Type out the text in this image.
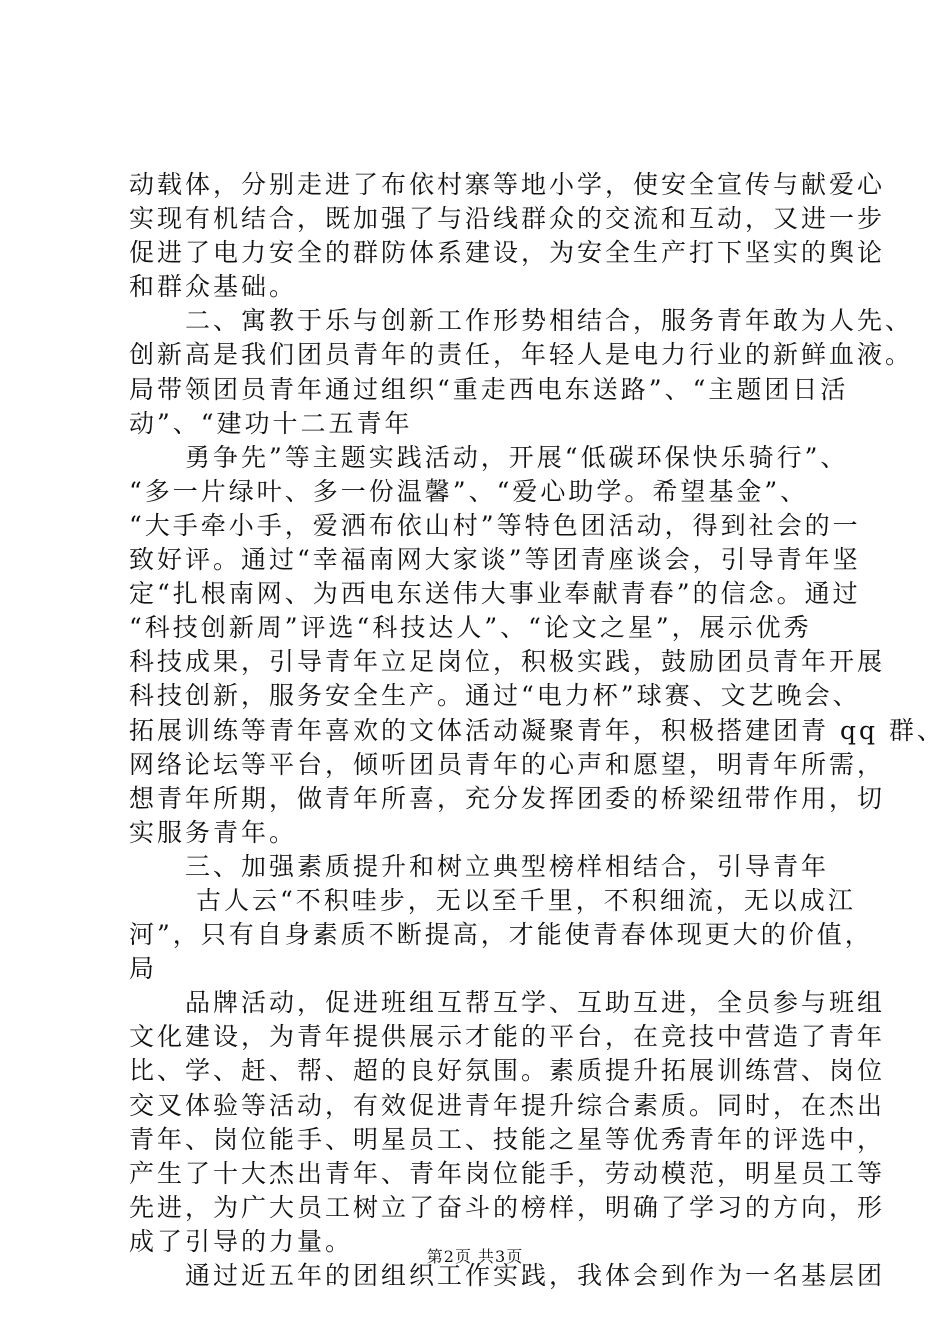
动载体，分别走进了布依村寨等地小学，使安全宣传与献爱心
实现有机结合，既加强了与沿线群众的交流和互动，又进一步
促进了电力安全的群防体系建设，为安全生产打下坚实的舆论
和群众基础。
　　二、寓教于乐与创新工作形势相结合，服务青年敢为人先、
创新高是我们团员青年的责任，年轻人是电力行业的新鲜血液。
局带领团员青年通过组织“重走西电东送路”、“主题团日活
动”、“建功十二五青年
　　勇争先”等主题实践活动，开展“低碳环保快乐骑行”、
“多一片绿叶、多一份温馨”、“爱心助学。希望基金”、
“大手牵小手，爱洒布依山村”等特色团活动，得到社会的一
致好评。通过“幸福南网大家谈”等团青座谈会，引导青年坚
定“扎根南网、为西电东送伟大事业奉献青春”的信念。通过
“科技创新周”评选“科技达人”、“论文之星”，展示优秀
科技成果，引导青年立足岗位，积极实践，鼓励团员青年开展
科技创新，服务安全生产。通过“电力杯”球赛、文艺晚会、
拓展训练等青年喜欢的文体活动凝聚青年，积极搭建团青 qq 群、
网络论坛等平台，倾听团员青年的心声和愿望，明青年所需，
想青年所期，做青年所喜，充分发挥团委的桥梁纽带作用，切
实服务青年。
　　三、加强素质提升和树立典型榜样相结合，引导青年
　　 古人云“不积哇步，无以至千里，不积细流，无以成江
河”，只有自身素质不断提高，才能使青春体现更大的价值，
局
　　品牌活动，促进班组互帮互学、互助互进，全员参与班组
文化建设，为青年提供展示才能的平台，在竞技中营造了青年
比、学、赶、帮、超的良好氛围。素质提升拓展训练营、岗位
交叉体验等活动，有效促进青年提升综合素质。同时，在杰出
青年、岗位能手、明星员工、技能之星等优秀青年的评选中，
产生了十大杰出青年、青年岗位能手，劳动模范，明星员工等
先进，为广大员工树立了奋斗的榜样，明确了学习的方向，形
成了引导的力量。
　　通过近五年的团组织工作实践，我体会到作为一名基层团
第2页 共3页
